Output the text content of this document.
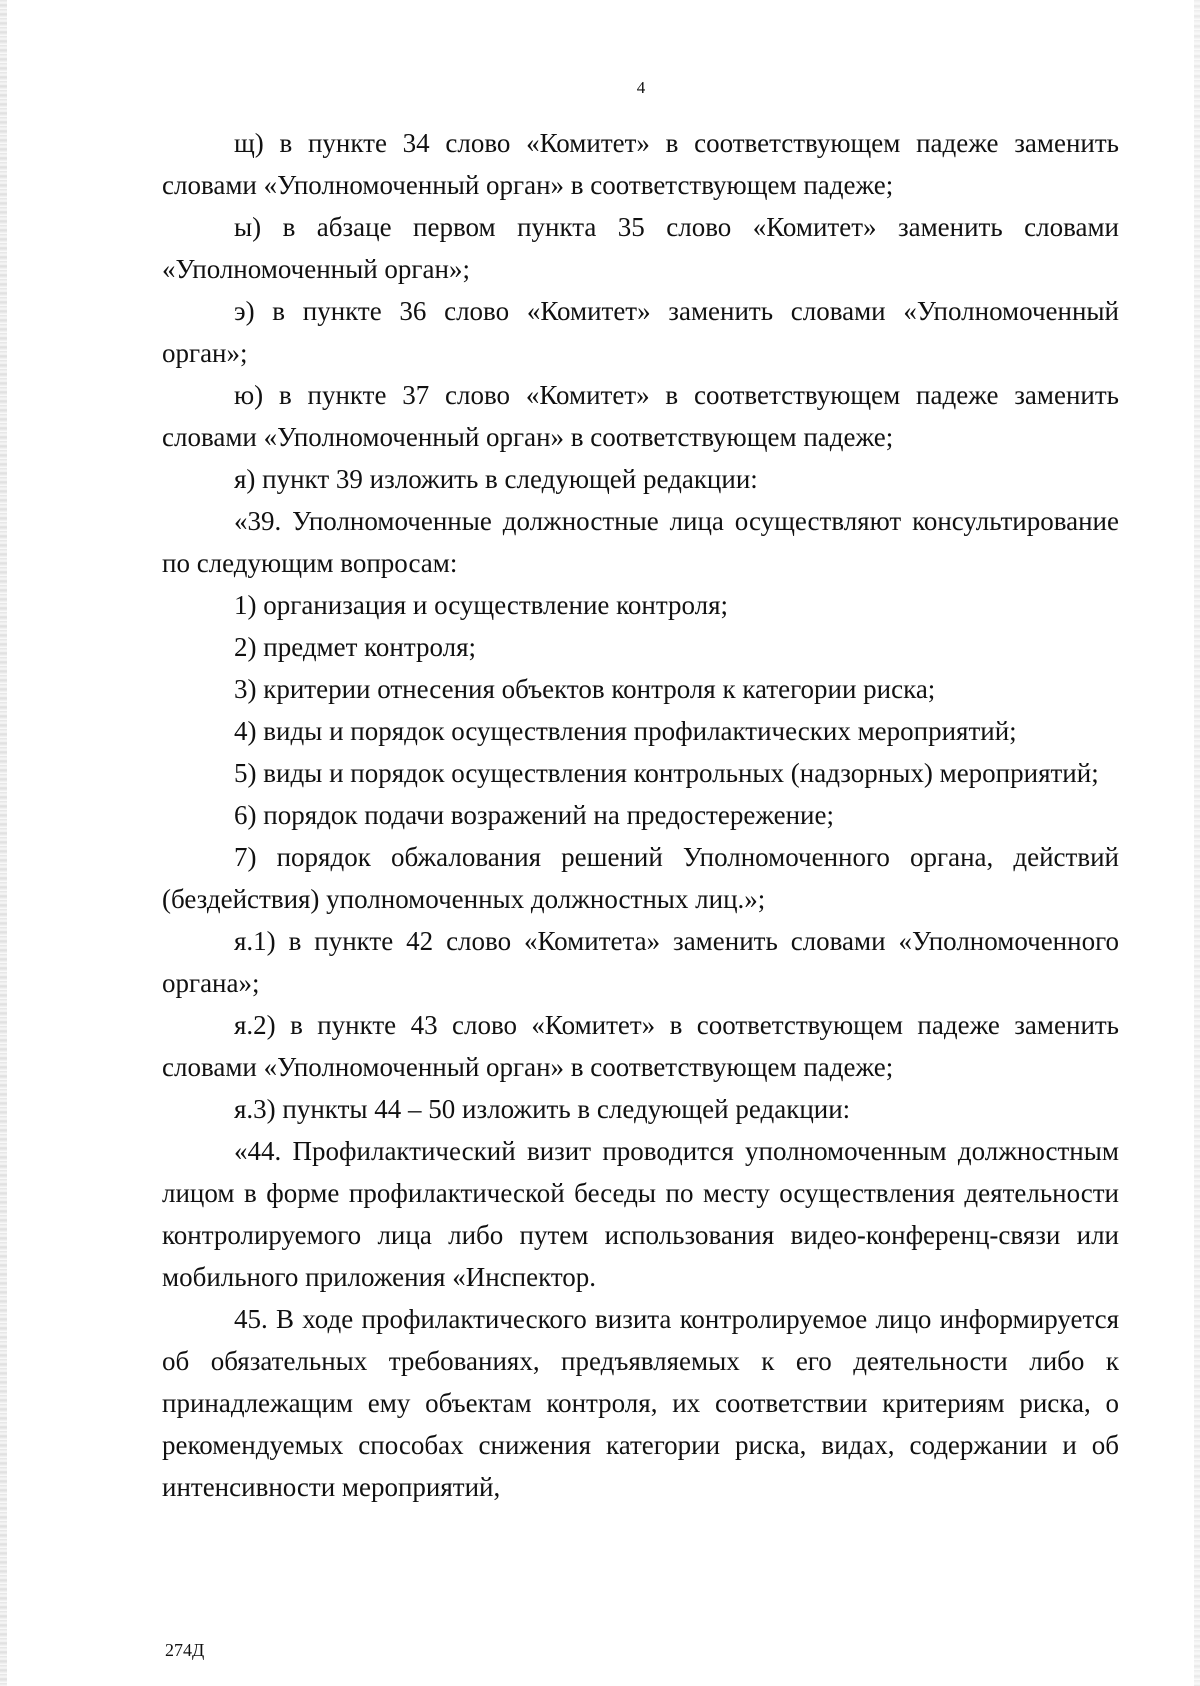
4

щ) в пункте 34 слово «Комитет» в соответствующем падеже заменить словами «Уполномоченный орган» в соответствующем падеже;

ы) в абзаце первом пункта 35 слово «Комитет» заменить словами «Уполномоченный орган»;

э) в пункте 36 слово «Комитет» заменить словами «Уполномоченный орган»;

ю) в пункте 37 слово «Комитет» в соответствующем падеже заменить словами «Уполномоченный орган» в соответствующем падеже;

я) пункт 39 изложить в следующей редакции:

«39. Уполномоченные должностные лица осуществляют консультирование по следующим вопросам:

1) организация и осуществление контроля;

2) предмет контроля;

3) критерии отнесения объектов контроля к категории риска;

4) виды и порядок осуществления профилактических мероприятий;

5) виды и порядок осуществления контрольных (надзорных) мероприятий;

6) порядок подачи возражений на предостережение;

7) порядок обжалования решений Уполномоченного органа, действий (бездействия) уполномоченных должностных лиц.»;

я.1) в пункте 42 слово «Комитета» заменить словами «Уполномоченного органа»;

я.2) в пункте 43 слово «Комитет» в соответствующем падеже заменить словами «Уполномоченный орган» в соответствующем падеже;

я.3) пункты 44 – 50 изложить в следующей редакции:

«44. Профилактический визит проводится уполномоченным должностным лицом в форме профилактической беседы по месту осуществления деятельности контролируемого лица либо путем использования видео-конференц-связи или мобильного приложения «Инспектор.

45. В ходе профилактического визита контролируемое лицо информируется об обязательных требованиях, предъявляемых к его деятельности либо к принадлежащим ему объектам контроля, их соответствии критериям риска, о рекомендуемых способах снижения категории риска, видах, содержании и об интенсивности мероприятий,

274Д
